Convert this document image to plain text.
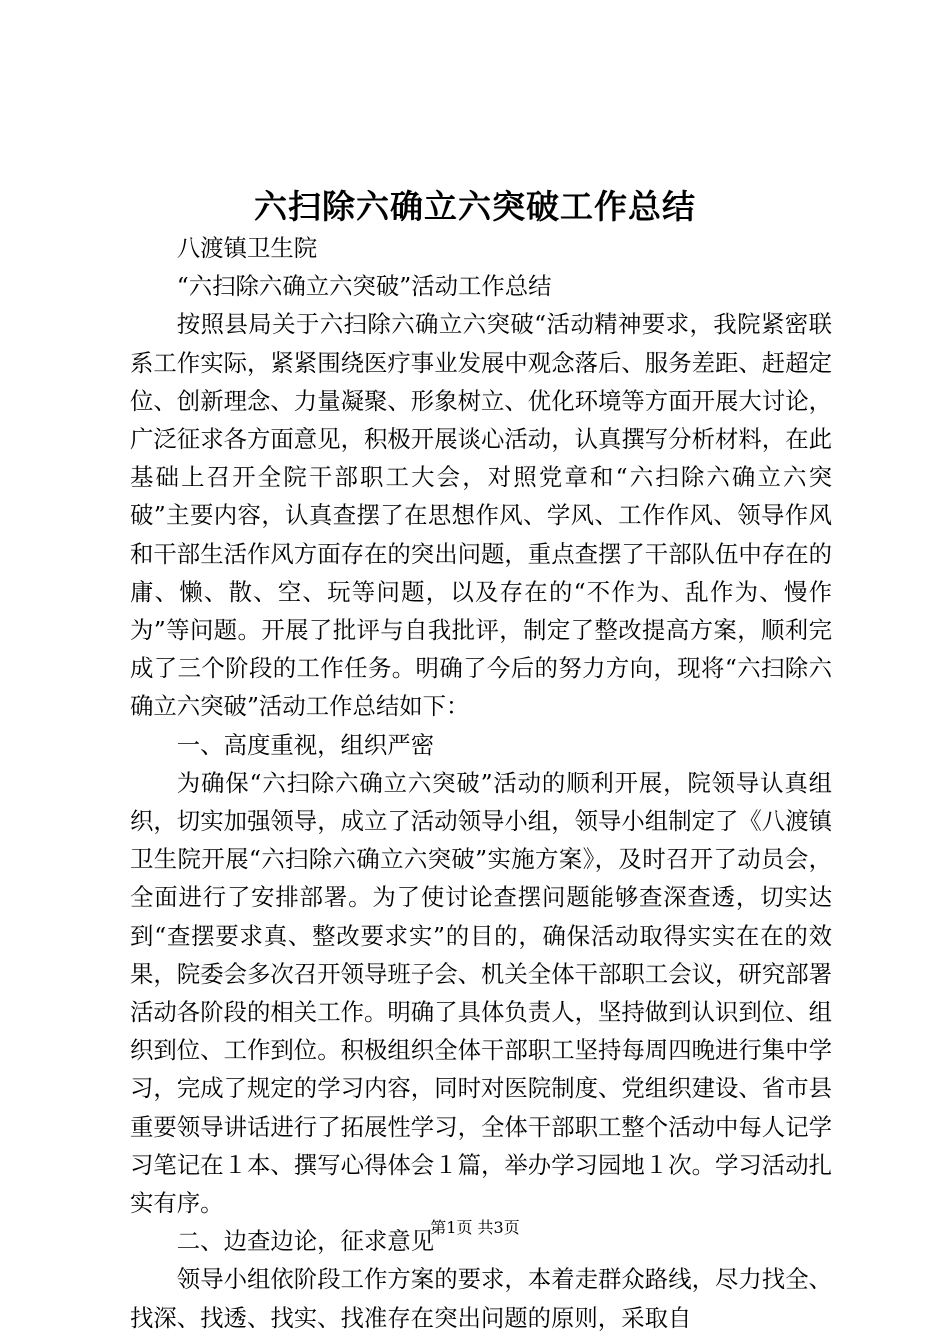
六扫除六确立六突破工作总结

八渡镇卫生院

“六扫除六确立六突破”活动工作总结

按照县局关于六扫除六确立六突破“活动精神要求，我院紧密联系工作实际，紧紧围绕医疗事业发展中观念落后、服务差距、赶超定位、创新理念、力量凝聚、形象树立、优化环境等方面开展大讨论，广泛征求各方面意见，积极开展谈心活动，认真撰写分析材料，在此基础上召开全院干部职工大会，对照党章和“六扫除六确立六突破”主要内容，认真查摆了在思想作风、学风、工作作风、领导作风和干部生活作风方面存在的突出问题，重点查摆了干部队伍中存在的庸、懒、散、空、玩等问题，以及存在的“不作为、乱作为、慢作为”等问题。开展了批评与自我批评，制定了整改提高方案，顺利完成了三个阶段的工作任务。明确了今后的努力方向，现将“六扫除六确立六突破”活动工作总结如下：

一、高度重视，组织严密

为确保“六扫除六确立六突破”活动的顺利开展，院领导认真组织，切实加强领导，成立了活动领导小组，领导小组制定了《八渡镇卫生院开展“六扫除六确立六突破”实施方案》，及时召开了动员会，全面进行了安排部署。为了使讨论查摆问题能够查深查透，切实达到“查摆要求真、整改要求实”的目的，确保活动取得实实在在的效果，院委会多次召开领导班子会、机关全体干部职工会议，研究部署活动各阶段的相关工作。明确了具体负责人，坚持做到认识到位、组织到位、工作到位。积极组织全体干部职工坚持每周四晚进行集中学习，完成了规定的学习内容，同时对医院制度、党组织建设、省市县重要领导讲话进行了拓展性学习，全体干部职工整个活动中每人记学习笔记在１本、撰写心得体会１篇，举办学习园地１次。学习活动扎实有序。

二、边查边论，征求意见

领导小组依阶段工作方案的要求，本着走群众路线，尽力找全、找深、找透、找实、找准存在突出问题的原则，采取自

第1页 共3页
